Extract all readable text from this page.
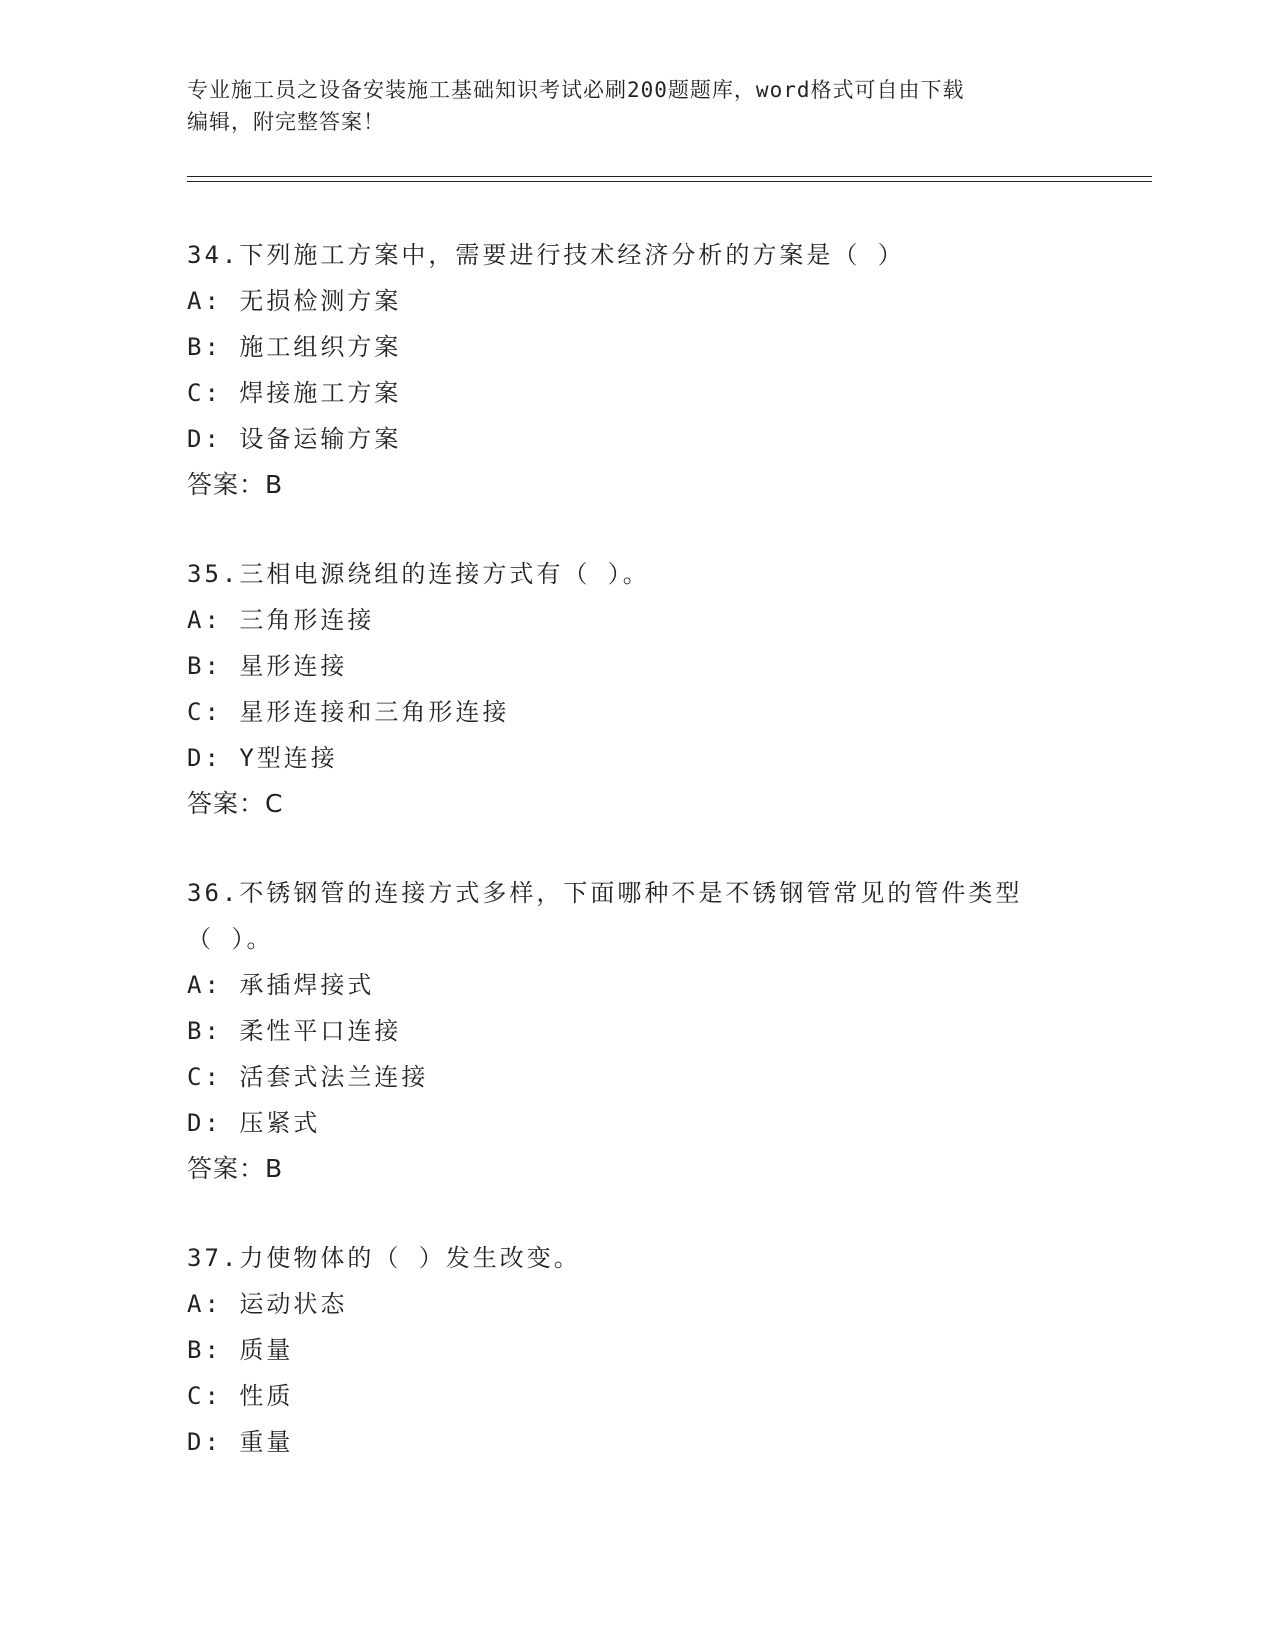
专业施工员之设备安装施工基础知识考试必刷200题题库，word格式可自由下载
编辑，附完整答案！
34.下列施工方案中，需要进行技术经济分析的方案是（ ）
A: 无损检测方案
B: 施工组织方案
C: 焊接施工方案
D: 设备运输方案
答案：B
35.三相电源绕组的连接方式有（ ）。
A: 三角形连接
B: 星形连接
C: 星形连接和三角形连接
D: Y型连接
答案：C
36.不锈钢管的连接方式多样，下面哪种不是不锈钢管常见的管件类型
（ ）。
A: 承插焊接式
B: 柔性平口连接
C: 活套式法兰连接
D: 压紧式
答案：B
37.力使物体的（ ）发生改变。
A: 运动状态
B: 质量
C: 性质
D: 重量
